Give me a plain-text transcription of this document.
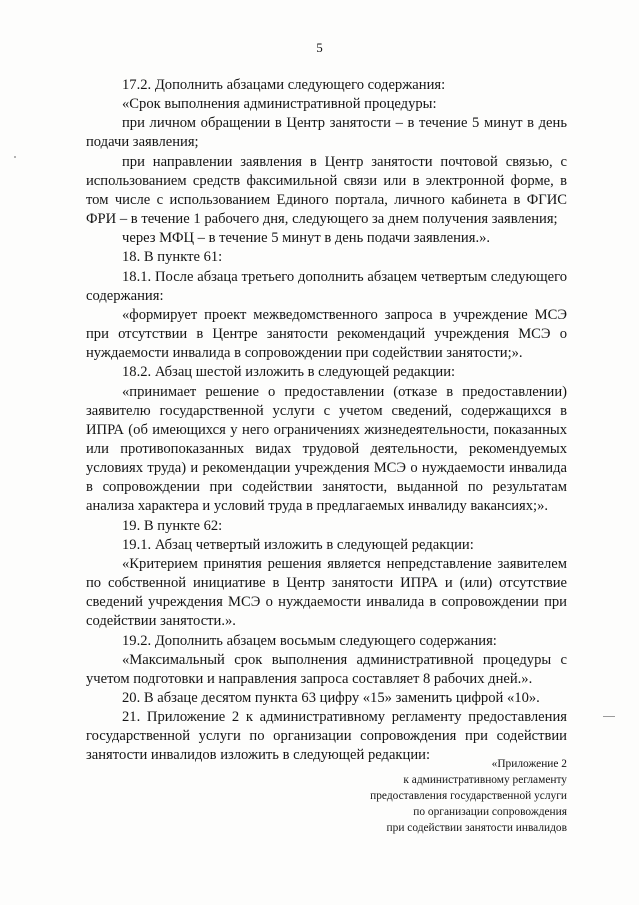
5

17.2. Дополнить абзацами следующего содержания:

«Срок выполнения административной процедуры:

при личном обращении в Центр занятости – в течение 5 минут в день подачи заявления;

при направлении заявления в Центр занятости почтовой связью, с использованием средств факсимильной связи или в электронной форме, в том числе с использованием Единого портала, личного кабинета в ФГИС ФРИ – в течение 1 рабочего дня, следующего за днем получения заявления;

через МФЦ – в течение 5 минут в день подачи заявления.».

18. В пункте 61:

18.1. После абзаца третьего дополнить абзацем четвертым следующего содержания:

«формирует проект межведомственного запроса в учреждение МСЭ при отсутствии в Центре занятости рекомендаций учреждения МСЭ о нуждаемости инвалида в сопровождении при содействии занятости;».

18.2. Абзац шестой изложить в следующей редакции:

«принимает решение о предоставлении (отказе в предоставлении) заявителю государственной услуги с учетом сведений, содержащихся в ИПРА (об имеющихся у него ограничениях жизнедеятельности, показанных или противопоказанных видах трудовой деятельности, рекомендуемых условиях труда) и рекомендации учреждения МСЭ о нуждаемости инвалида в сопровождении при содействии занятости, выданной по результатам анализа характера и условий труда в предлагаемых инвалиду вакансиях;».

19. В пункте 62:

19.1. Абзац четвертый изложить в следующей редакции:

«Критерием принятия решения является непредставление заявителем по собственной инициативе в Центр занятости ИПРА и (или) отсутствие сведений учреждения МСЭ о нуждаемости инвалида в сопровождении при содействии занятости.».

19.2. Дополнить абзацем восьмым следующего содержания:

«Максимальный срок выполнения административной процедуры с учетом подготовки и направления запроса составляет 8 рабочих дней.».

20. В абзаце десятом пункта 63 цифру «15» заменить цифрой «10».

21. Приложение 2 к административному регламенту предоставления государственной услуги по организации сопровождения при содействии занятости инвалидов изложить в следующей редакции:

«Приложение 2
к административному регламенту
предоставления государственной услуги
по организации сопровождения
при содействии занятости инвалидов
